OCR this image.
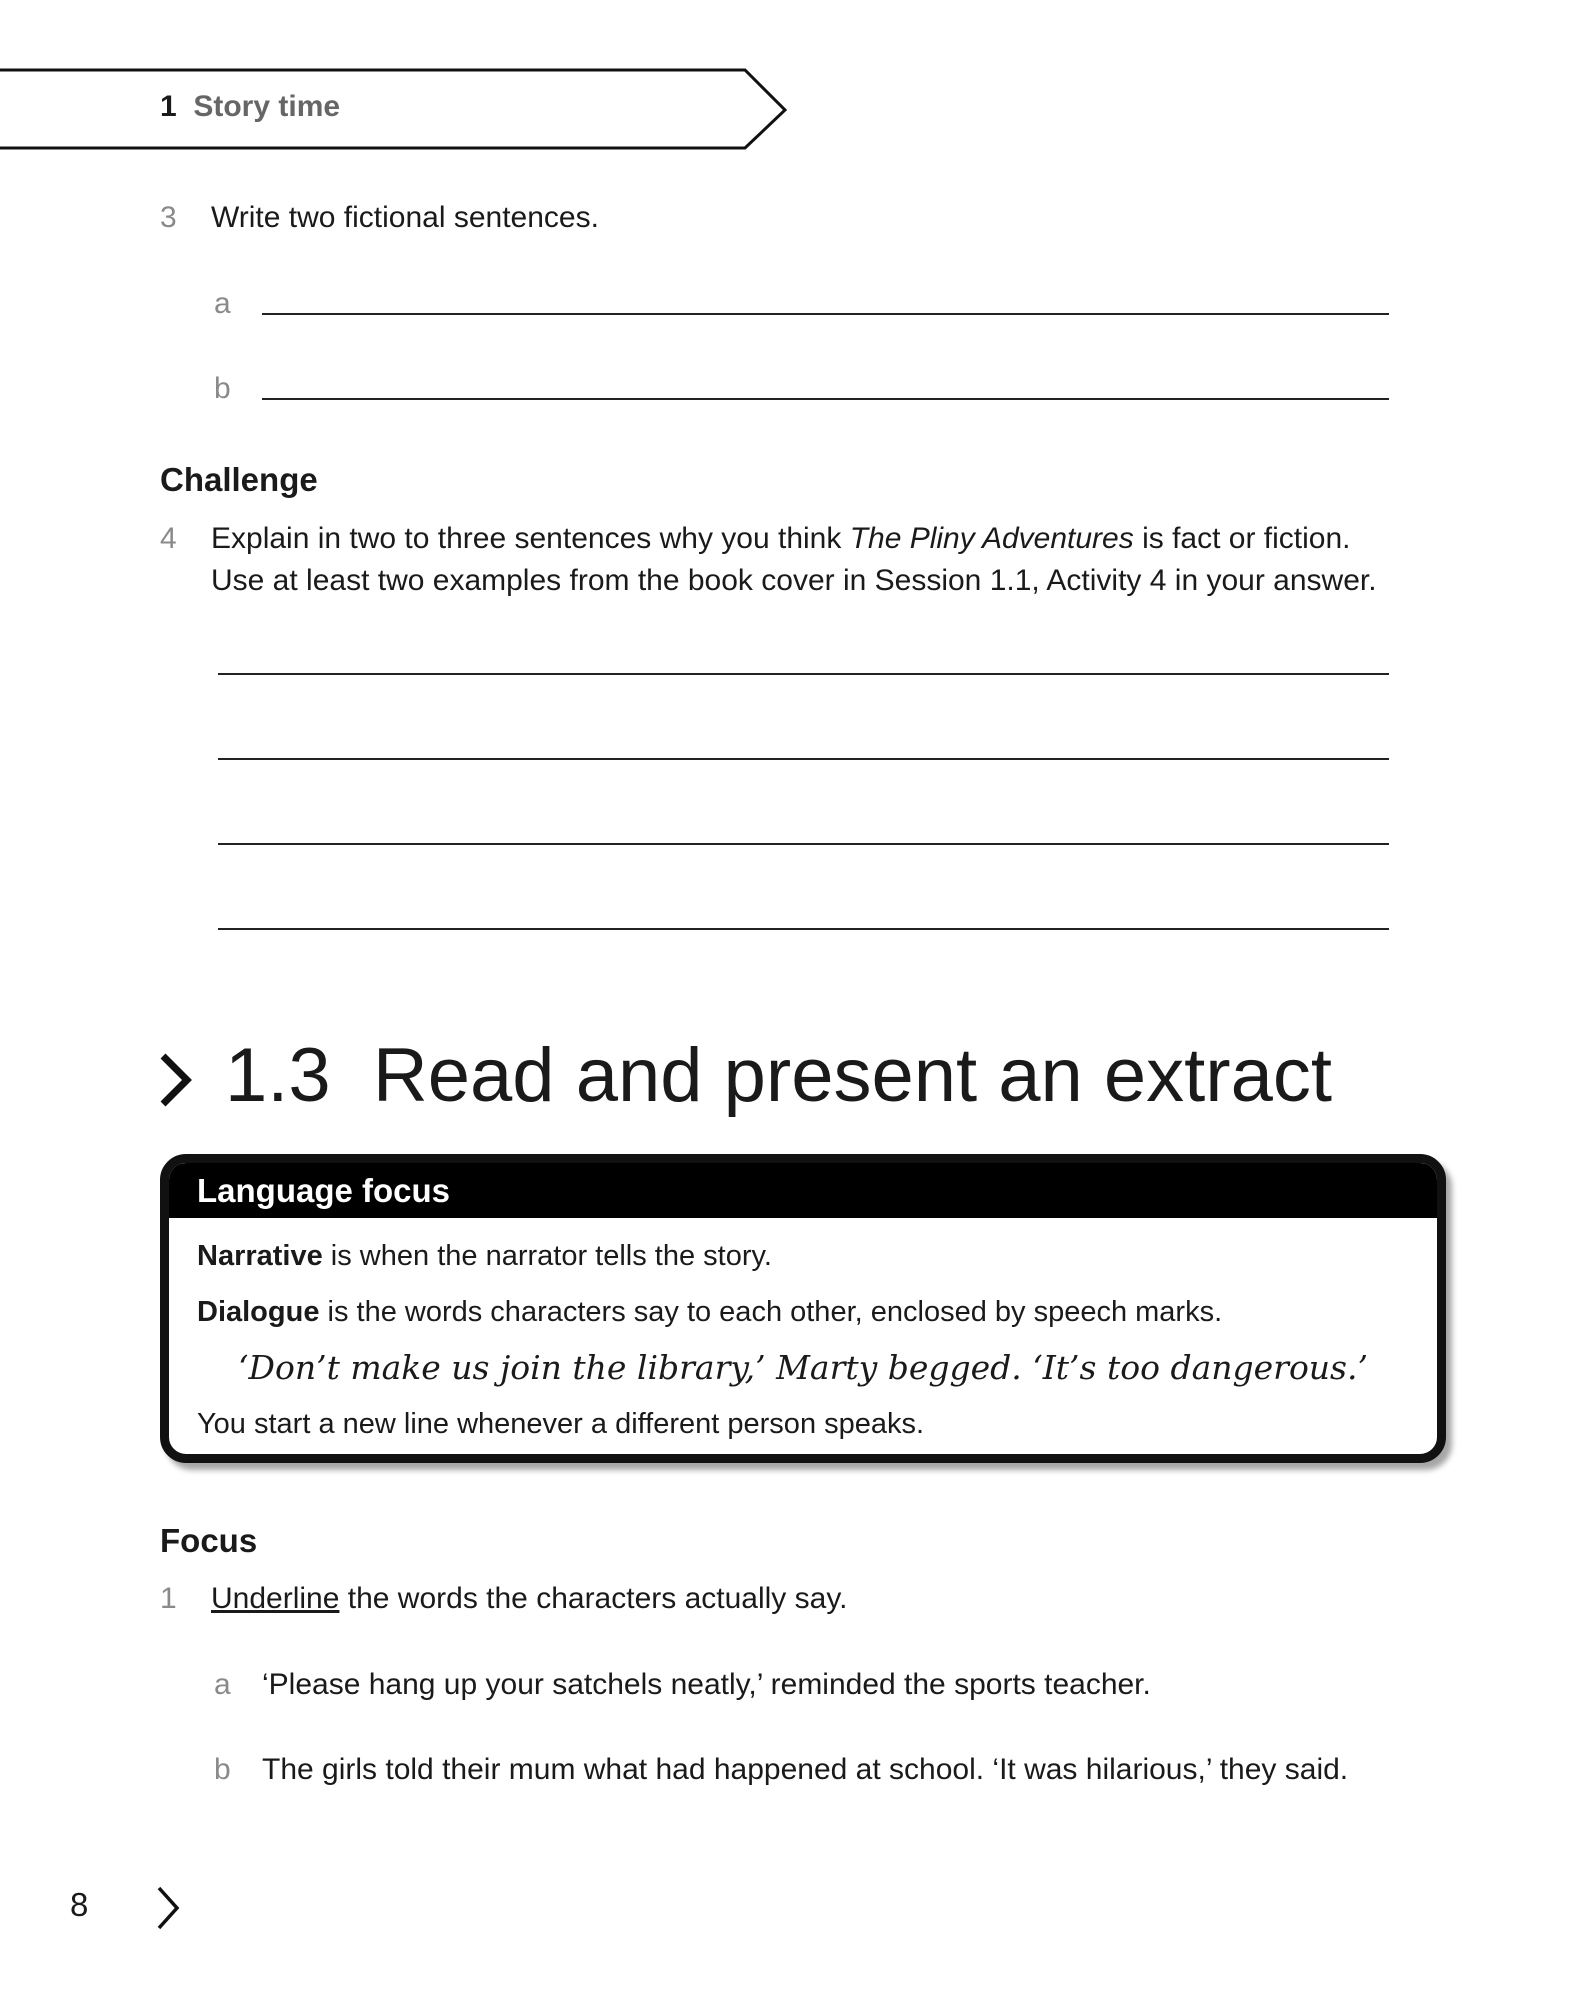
1 Story time
3 Write two fictional sentences.
a
b
Challenge
4 Explain in two to three sentences why you think The Pliny Adventures is fact or fiction.
Use at least two examples from the book cover in Session 1.1, Activity 4 in your answer.
1.3 Read and present an extract
Language focus
Narrative is when the narrator tells the story.
Dialogue is the words characters say to each other, enclosed by speech marks.
‘Don’t make us join the library,’ Marty begged. ‘It’s too dangerous.’
You start a new line whenever a different person speaks.
Focus
1 Underline the words the characters actually say.
a ‘Please hang up your satchels neatly,’ reminded the sports teacher.
b The girls told their mum what had happened at school. ‘It was hilarious,’ they said.
8
